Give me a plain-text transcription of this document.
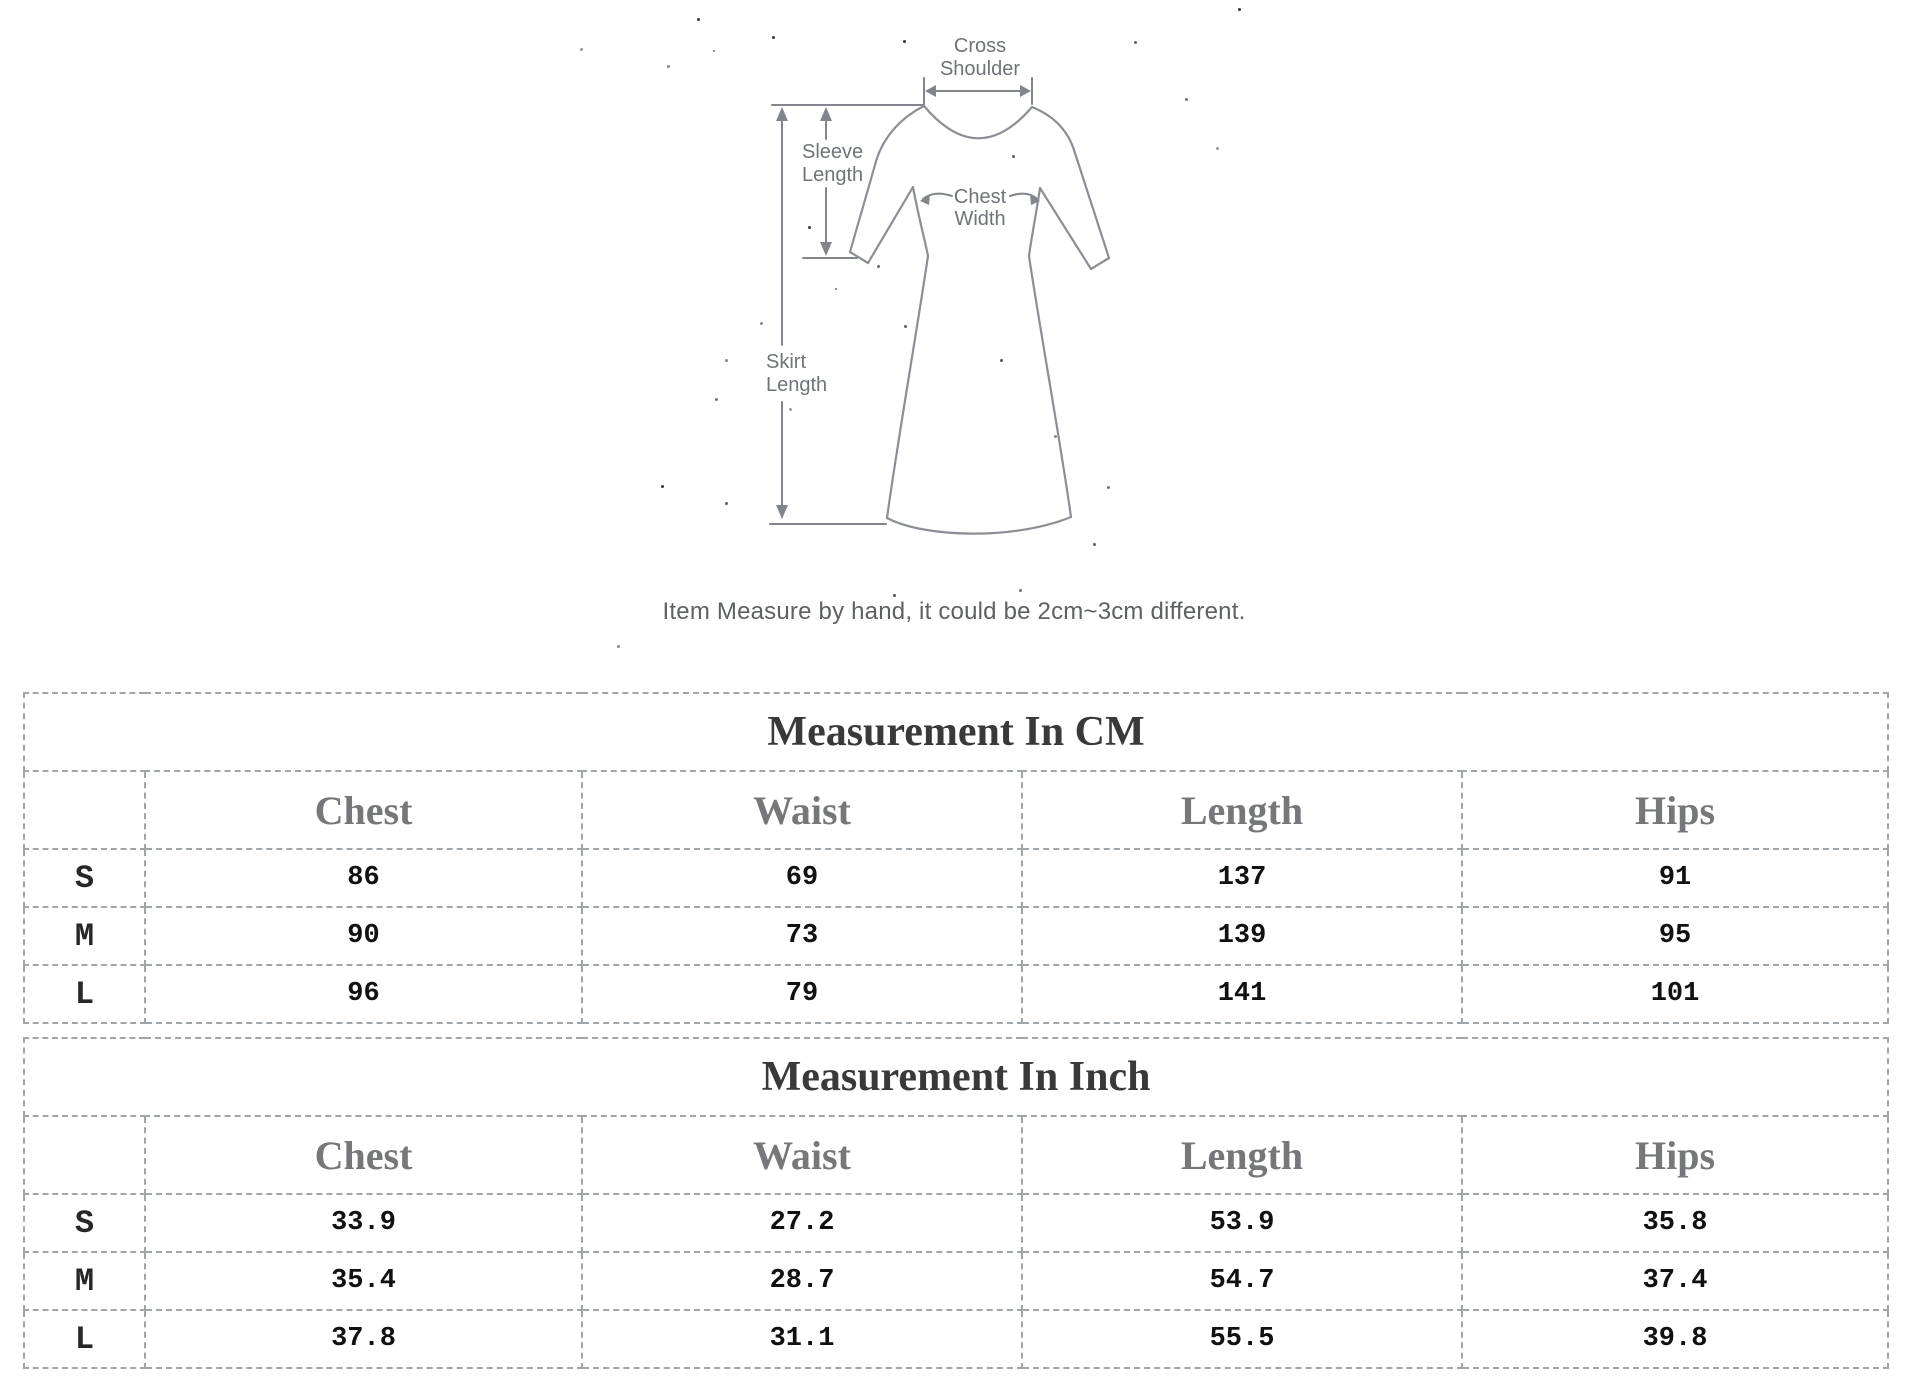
Cross
Shoulder
Sleeve
Length
Chest
Width
Skirt
Length
Item Measure by hand, it could be 2cm~3cm different.
Measurement In CM				
	Chest	Waist	Length	Hips
S	86	69	137	91
M	90	73	139	95
L	96	79	141	101
Measurement In Inch				
	Chest	Waist	Length	Hips
S	33.9	27.2	53.9	35.8
M	35.4	28.7	54.7	37.4
L	37.8	31.1	55.5	39.8
